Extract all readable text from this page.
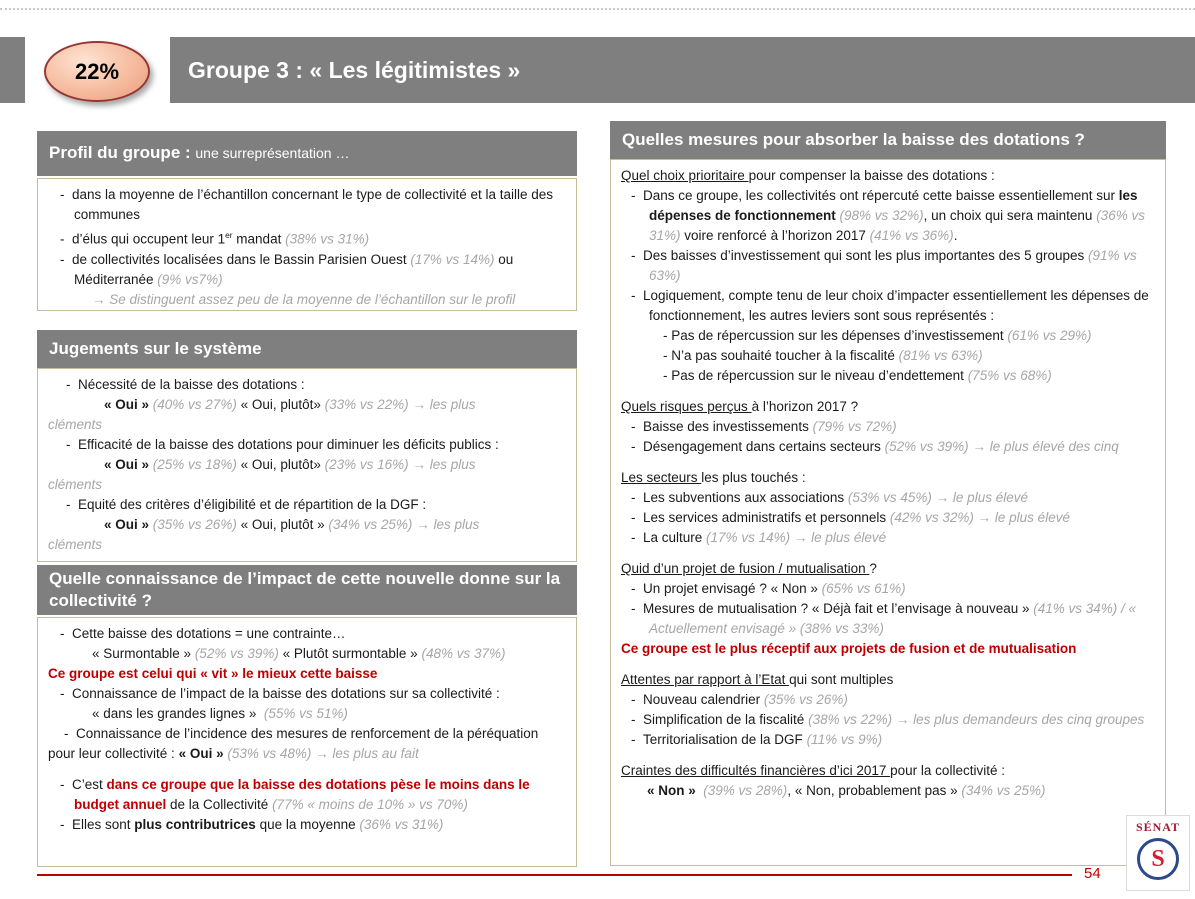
22%	Groupe 3 : « Les légitimistes »
Profil du groupe : une surreprésentation …
-  dans la moyenne de l’échantillon concernant le type de collectivité et la taille des communes
-  d’élus qui occupent leur 1er mandat (38% vs 31%)
-  de collectivités localisées dans le Bassin Parisien Ouest (17% vs 14%) ou Méditerranée (9% vs7%)
→ Se distinguent assez peu de la moyenne de l’échantillon sur le profil
Jugements sur le système
-  Nécessité de la baisse des dotations :
« Oui » (40% vs 27%) « Oui, plutôt» (33% vs 22%) → les plus
cléments
-  Efficacité de la baisse des dotations pour diminuer les déficits publics :
« Oui » (25% vs 18%) « Oui, plutôt» (23% vs 16%) → les plus
cléments
-  Equité des critères d’éligibilité et de répartition de la DGF :
« Oui » (35% vs 26%) « Oui, plutôt » (34% vs 25%) → les plus
cléments
Quelle connaissance de l’impact de cette nouvelle donne sur la collectivité ?
-  Cette baisse des dotations = une contrainte…
« Surmontable » (52% vs 39%) « Plutôt surmontable » (48% vs 37%)
Ce groupe est celui qui « vit » le mieux cette baisse
-  Connaissance de l’impact de la baisse des dotations sur sa collectivité :
« dans les grandes lignes »  (55% vs 51%)
-  Connaissance de l’incidence des mesures de renforcement de la péréquation pour leur collectivité : « Oui » (53% vs 48%) → les plus au fait
-  C’est dans ce groupe que la baisse des dotations pèse le moins dans le budget annuel de la Collectivité (77% « moins de 10% » vs 70%)
-  Elles sont plus contributrices que la moyenne (36% vs 31%)
Quelles mesures pour absorber la baisse des dotations ?
Quel choix prioritaire pour compenser la baisse des dotations :
-  Dans ce groupe, les collectivités ont répercuté cette baisse essentiellement sur les dépenses de fonctionnement (98% vs 32%), un choix qui sera maintenu (36% vs 31%) voire renforcé à l’horizon 2017 (41% vs 36%).
-  Des baisses d’investissement qui sont les plus importantes des 5 groupes (91% vs 63%)
-  Logiquement, compte tenu de leur choix d’impacter essentiellement les dépenses de fonctionnement, les autres leviers sont sous représentés :
- Pas de répercussion sur les dépenses d’investissement (61% vs 29%)
- N’a pas souhaité toucher à la fiscalité (81% vs 63%)
- Pas de répercussion sur le niveau d’endettement (75% vs 68%)
Quels risques perçus à l’horizon 2017 ?
-  Baisse des investissements (79% vs 72%)
-  Désengagement dans certains secteurs (52% vs 39%) → le plus élevé des cinq
Les secteurs les plus touchés :
-  Les subventions aux associations (53% vs 45%) → le plus élevé
-  Les services administratifs et personnels (42% vs 32%) → le plus élevé
-  La culture (17% vs 14%) → le plus élevé
Quid d’un projet de fusion / mutualisation ?
-  Un projet envisagé ? « Non » (65% vs 61%)
-  Mesures de mutualisation ? « Déjà fait et l’envisage à nouveau » (41% vs 34%) / « Actuellement envisagé » (38% vs 33%)
Ce groupe est le plus réceptif aux projets de fusion et de mutualisation
Attentes par rapport à l’Etat qui sont multiples
-  Nouveau calendrier (35% vs 26%)
-  Simplification de la fiscalité (38% vs 22%) → les plus demandeurs des cinq groupes
-  Territorialisation de la DGF (11% vs 9%)
Craintes des difficultés financières d’ici 2017 pour la collectivité :
« Non »  (39% vs 28%), « Non, probablement pas » (34% vs 25%)
54
SÉNAT
S
